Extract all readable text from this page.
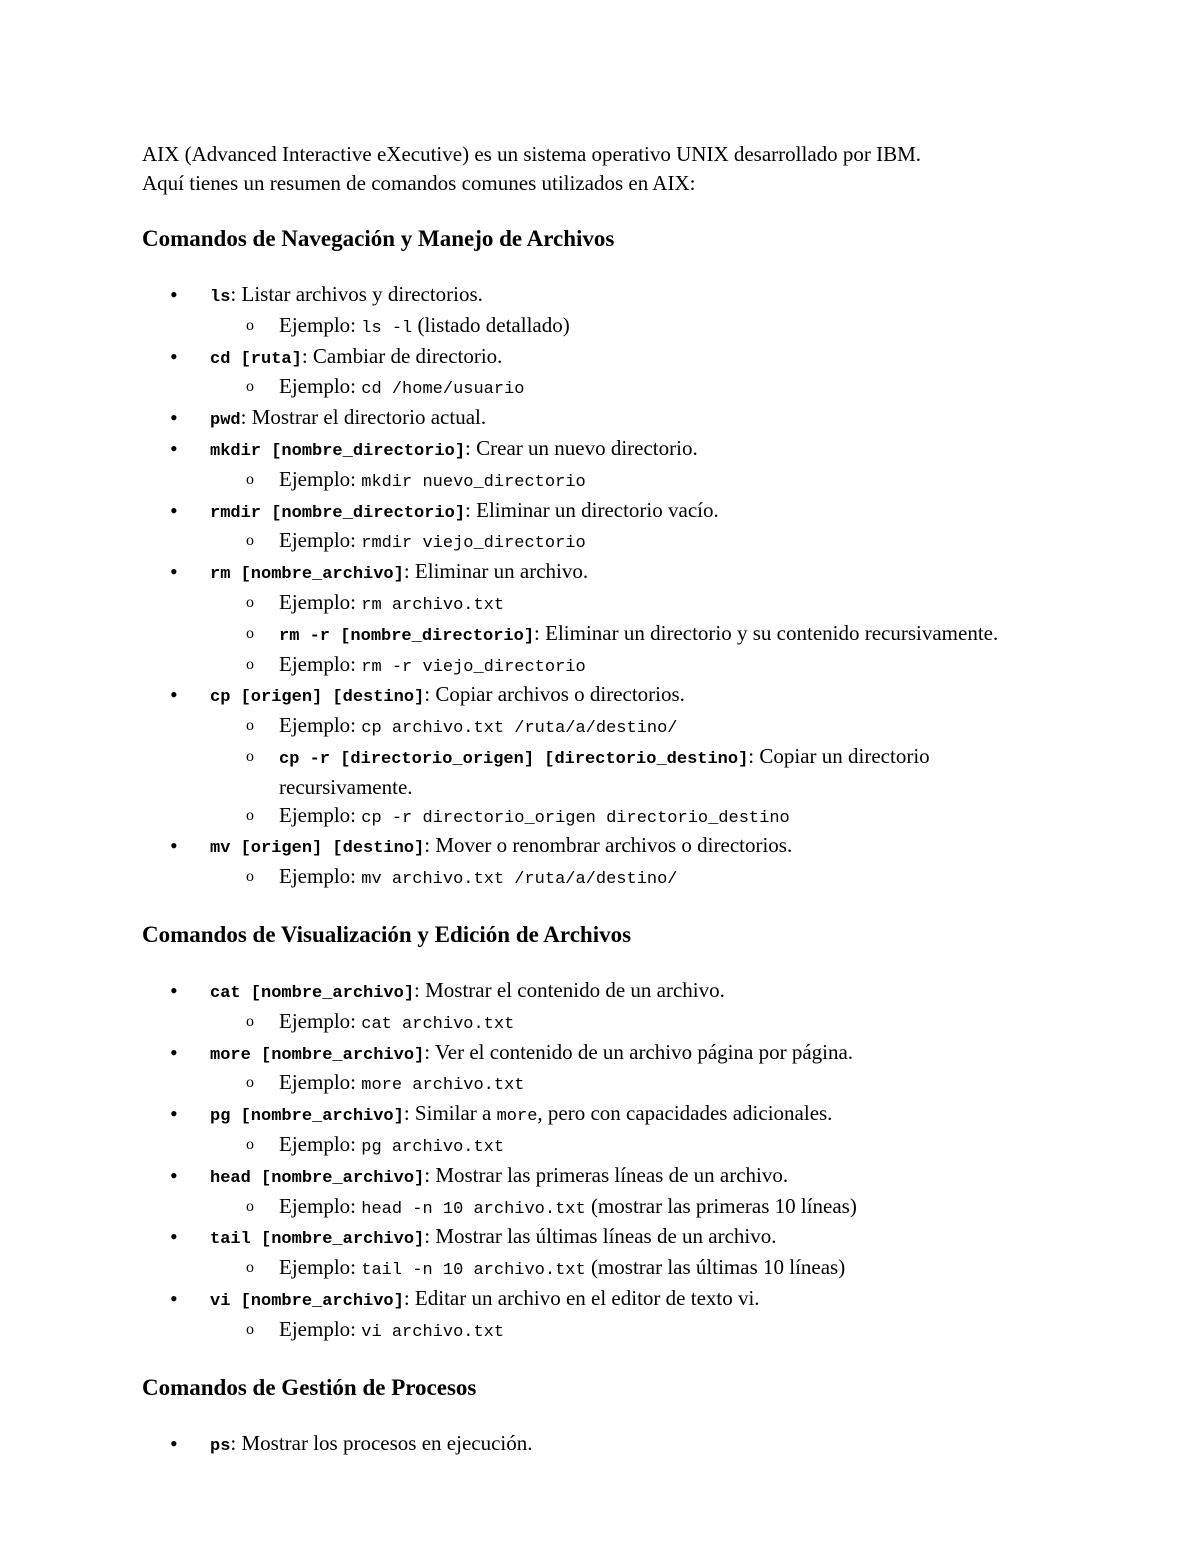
AIX (Advanced Interactive eXecutive) es un sistema operativo UNIX desarrollado por IBM.
Aquí tienes un resumen de comandos comunes utilizados en AIX:

Comandos de Navegación y Manejo de Archivos
• ls: Listar archivos y directorios.
o Ejemplo: ls -l (listado detallado)
• cd [ruta]: Cambiar de directorio.
o Ejemplo: cd /home/usuario
• pwd: Mostrar el directorio actual.
• mkdir [nombre_directorio]: Crear un nuevo directorio.
o Ejemplo: mkdir nuevo_directorio
• rmdir [nombre_directorio]: Eliminar un directorio vacío.
o Ejemplo: rmdir viejo_directorio
• rm [nombre_archivo]: Eliminar un archivo.
o Ejemplo: rm archivo.txt
o rm -r [nombre_directorio]: Eliminar un directorio y su contenido recursivamente.
o Ejemplo: rm -r viejo_directorio
• cp [origen] [destino]: Copiar archivos o directorios.
o Ejemplo: cp archivo.txt /ruta/a/destino/
o cp -r [directorio_origen] [directorio_destino]: Copiar un directorio recursivamente.
o Ejemplo: cp -r directorio_origen directorio_destino
• mv [origen] [destino]: Mover o renombrar archivos o directorios.
o Ejemplo: mv archivo.txt /ruta/a/destino/
Comandos de Visualización y Edición de Archivos
• cat [nombre_archivo]: Mostrar el contenido de un archivo.
o Ejemplo: cat archivo.txt
• more [nombre_archivo]: Ver el contenido de un archivo página por página.
o Ejemplo: more archivo.txt
• pg [nombre_archivo]: Similar a more, pero con capacidades adicionales.
o Ejemplo: pg archivo.txt
• head [nombre_archivo]: Mostrar las primeras líneas de un archivo.
o Ejemplo: head -n 10 archivo.txt (mostrar las primeras 10 líneas)
• tail [nombre_archivo]: Mostrar las últimas líneas de un archivo.
o Ejemplo: tail -n 10 archivo.txt (mostrar las últimas 10 líneas)
• vi [nombre_archivo]: Editar un archivo en el editor de texto vi.
o Ejemplo: vi archivo.txt
Comandos de Gestión de Procesos
• ps: Mostrar los procesos en ejecución.
